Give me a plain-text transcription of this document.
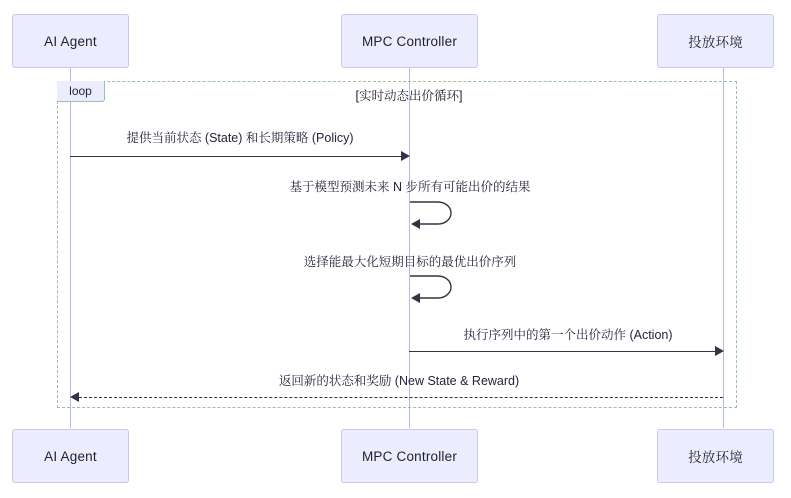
AI Agent	MPC Controller	投放环境
loop	[实时动态出价循环]
提供当前状态 (State) 和长期策略 (Policy)
基于模型预测未来 N 步所有可能出价的结果
选择能最大化短期目标的最优出价序列
执行序列中的第一个出价动作 (Action)
返回新的状态和奖励 (New State & Reward)
AI Agent	MPC Controller	投放环境
